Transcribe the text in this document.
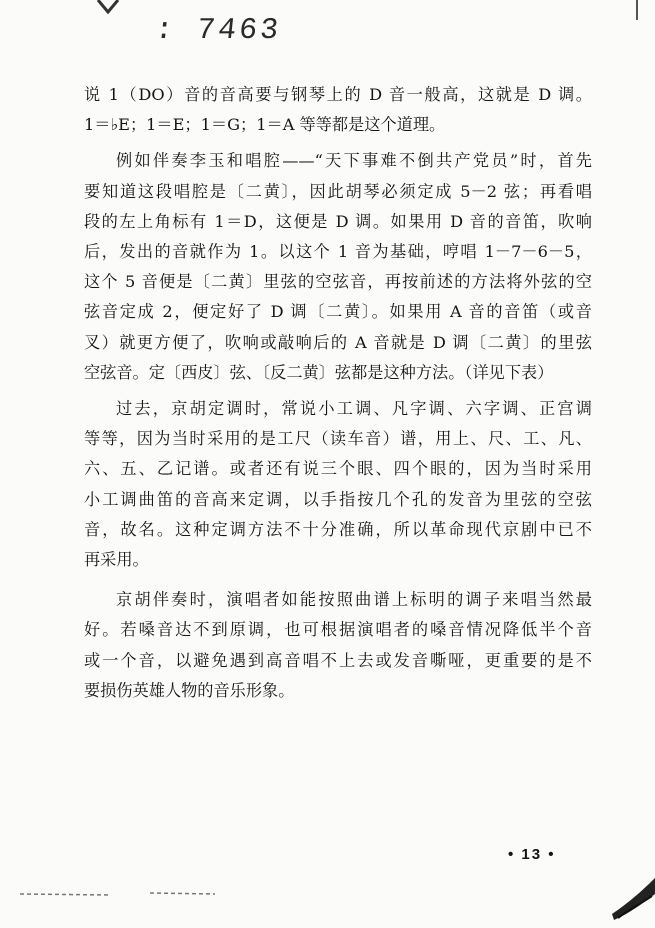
: 7463

说 1（DO）音的音高要与钢琴上的 D 音一般高，这就是 D 调。

1＝♭E；1＝E；1＝G；1＝A 等等都是这个道理。

例如伴奏李玉和唱腔——“天下事难不倒共产党员”时，首先

要知道这段唱腔是〔二黄〕，因此胡琴必须定成 5－2 弦；再看唱

段的左上角标有 1＝D，这便是 D 调。如果用 D 音的音笛，吹响

后，发出的音就作为 1。以这个 1 音为基础，哼唱 1－7－6－5，

这个 5 音便是〔二黄〕里弦的空弦音，再按前述的方法将外弦的空

弦音定成 2，便定好了 D 调〔二黄〕。如果用 A 音的音笛（或音

叉）就更方便了，吹响或敲响后的 A 音就是 D 调〔二黄〕的里弦

空弦音。定〔西皮〕弦、〔反二黄〕弦都是这种方法。（详见下表）

过去，京胡定调时，常说小工调、凡字调、六字调、正宫调

等等，因为当时采用的是工尺（读车音）谱，用上、尺、工、凡、

六、五、乙记谱。或者还有说三个眼、四个眼的，因为当时采用

小工调曲笛的音高来定调，以手指按几个孔的发音为里弦的空弦

音，故名。这种定调方法不十分准确，所以革命现代京剧中已不

再采用。

京胡伴奏时，演唱者如能按照曲谱上标明的调子来唱当然最

好。若嗓音达不到原调，也可根据演唱者的嗓音情况降低半个音

或一个音，以避免遇到高音唱不上去或发音嘶哑，更重要的是不

要损伤英雄人物的音乐形象。

• 13 •
